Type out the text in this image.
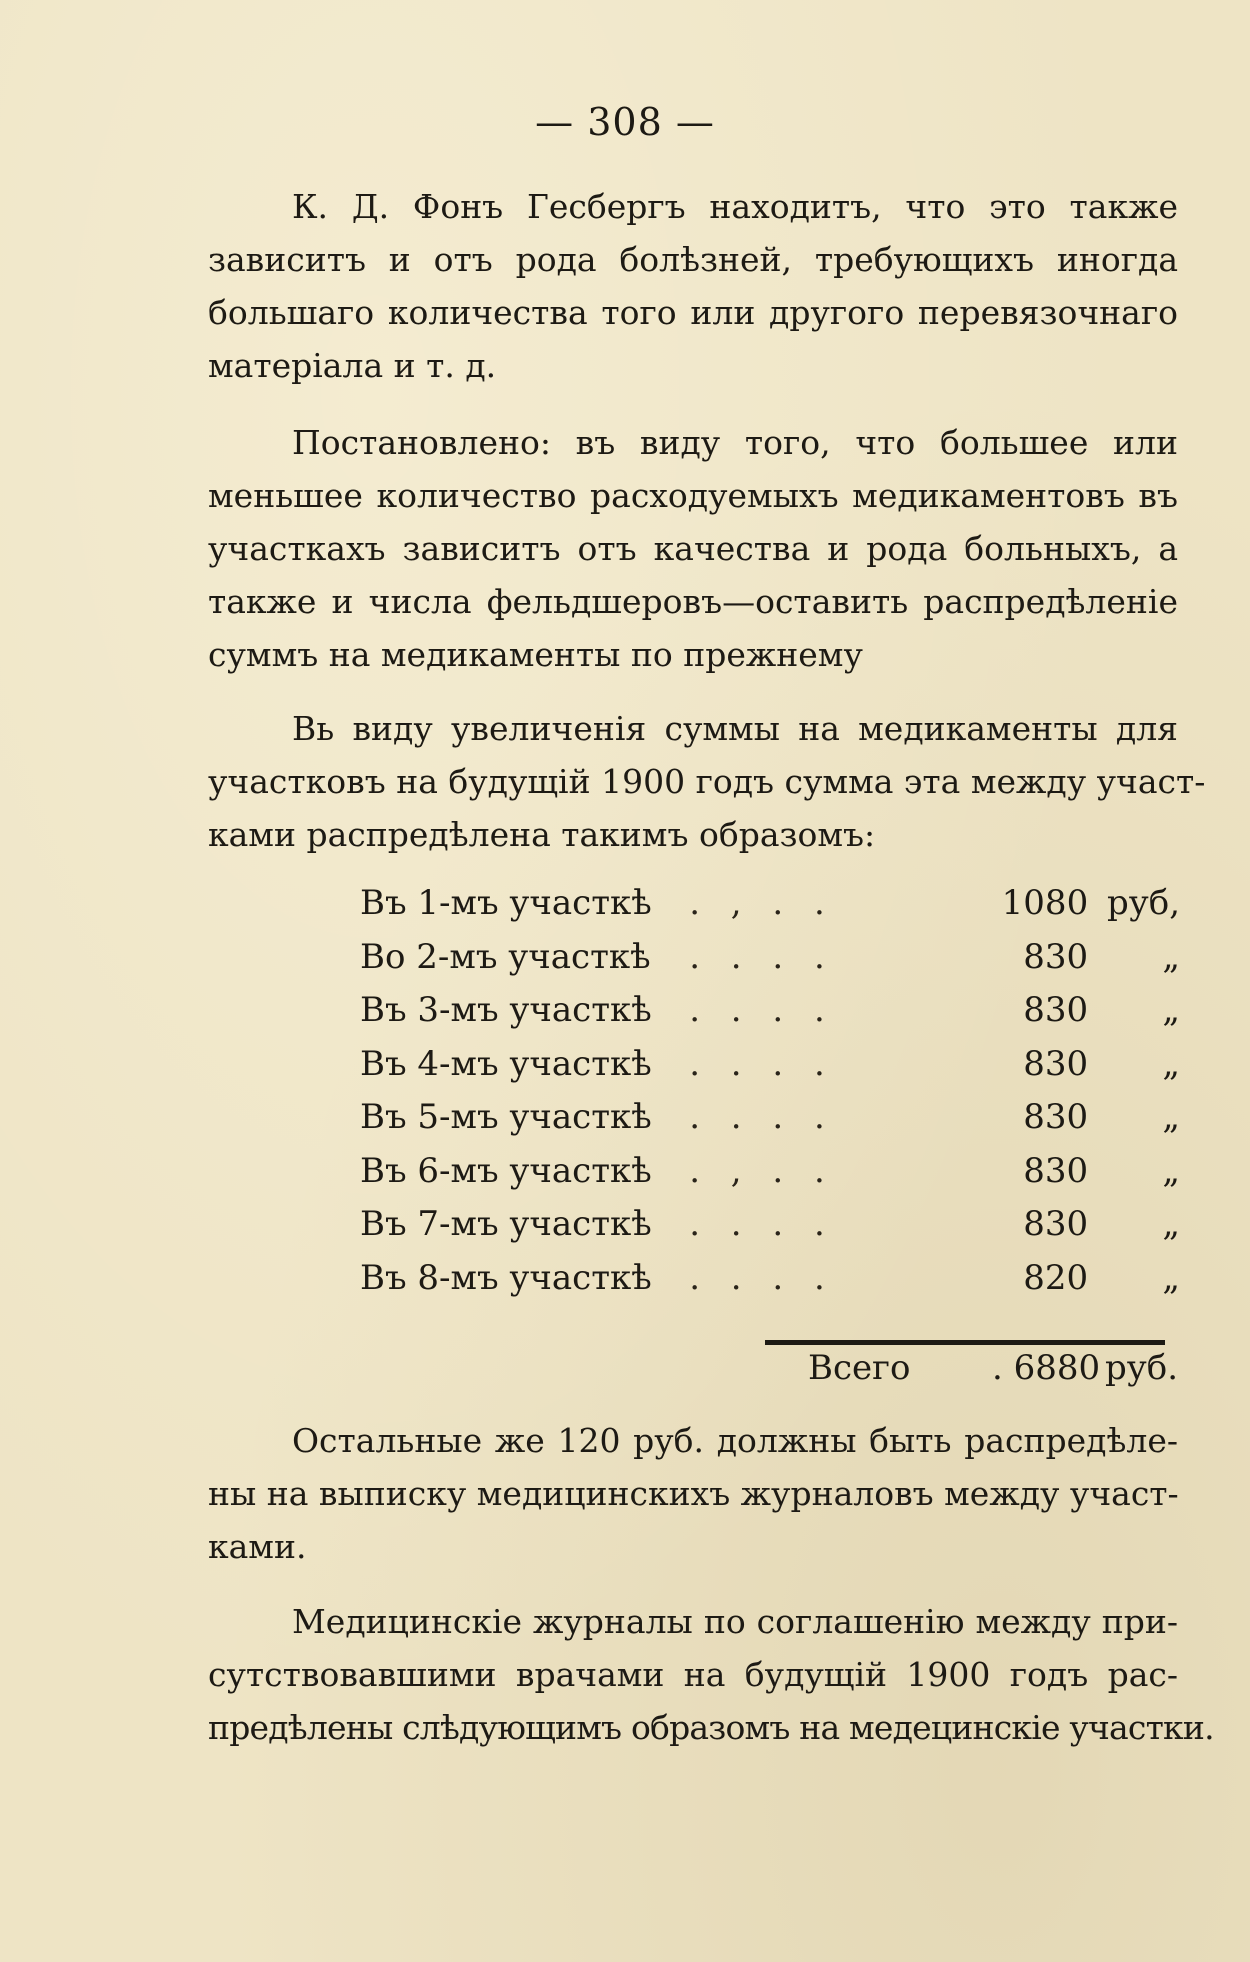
— 308 —
К. Д. Фонъ Гесбергъ находитъ, что это также
зависитъ и отъ рода болѣзней, требующихъ иногда
большаго количества того или другого перевязочнаго
матеріала и т. д.
Постановлено: въ виду того, что большее или
меньшее количество расходуемыхъ медикаментовъ въ
участкахъ зависитъ отъ качества и рода больныхъ, а
также и числа фельдшеровъ—оставить распредѣленіе
суммъ на медикаменты по прежнему
Вь виду увеличенія суммы на медикаменты для
участковъ на будущій 1900 годъ сумма эта между участ-
ками распредѣлена такимъ образомъ:
Въ 1-мъ участкѣ	. , . .	1080 руб,
Во 2-мъ участкѣ	. . . .	830	„
Въ 3-мъ участкѣ	. . . .	830	„
Въ 4-мъ участкѣ	. . . .	830	„
Въ 5-мъ участкѣ	. . . .	830	„
Въ 6-мъ участкѣ	. , . .	830	„
Въ 7-мъ участкѣ	. . . .	830	„
Въ 8-мъ участкѣ	. . . .	820	„
Всего	. 6880 руб.
Остальные же 120 руб. должны быть распредѣле-
ны на выписку медицинскихъ журналовъ между участ-
ками.
Медицинскіе журналы по соглашенію между при-
сутствовавшими врачами на будущій 1900 годъ рас-
предѣлены слѣдующимъ образомъ на медецинскіе участки.
